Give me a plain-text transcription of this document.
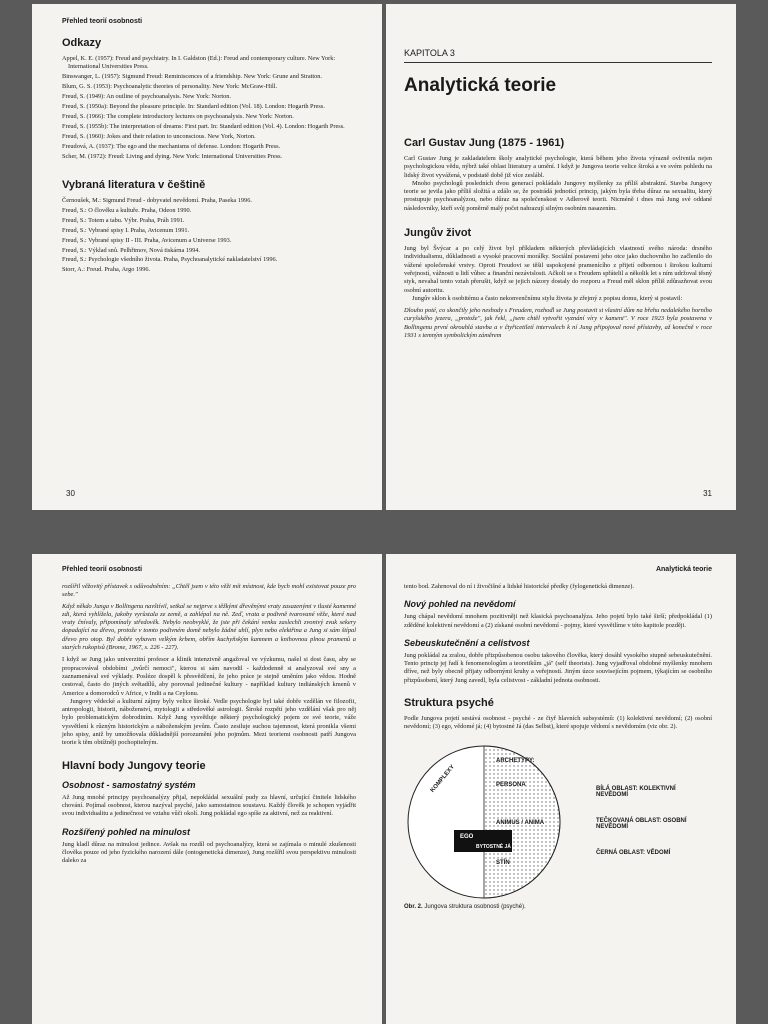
Přehled teorií osobnosti
Odkazy

Appel, K. E. (1957): Freud and psychiatry. In I. Galdston (Ed.): Freud and contemporary culture. New York: International Universities Press.

Binswanger, L. (1957): Sigmund Freud: Reminiscences of a friendship. New York: Grune and Stratton.

Blum, G. S. (1953): Psychoanalytic theories of personality. New York: McGraw-Hill.

Freud, S. (1949): An outline of psychoanalysis. New York: Norton.

Freud, S. (1950a): Beyond the pleasure principle. In: Standard edition (Vol. 18). London: Hogarth Press.

Freud, S. (1966): The complete introductory lectures on psychoanalysis. New York: Norton.

Freud, S. (1955b): The interpretation of dreams: First part. In: Standard edition (Vol. 4). London: Hogarth Press.

Freud, S. (1960): Jokes and their relation to unconscious. New York, Norton.

Freudová, A. (1937): The ego and the mechanisms of defense. London: Hogarth Press.

Scher, M. (1972): Freud: Living and dying. New York: International Universities Press.

Vybraná literatura v češtině

Černoušek, M.: Sigmund Freud - dobyvatel nevědomí. Praha, Paseka 1996.

Freud, S.: O člověku a kultuře. Praha, Odeon 1990.

Freud, S.: Totem a tabu. Výbr. Praha, Práh 1991.

Freud, S.: Vybrané spisy I. Praha, Avicenum 1991.

Freud, S.: Vybrané spisy II - III. Praha, Avicenum a Universe 1993.

Freud, S.: Výklad snů. Pelhřimov, Nová tiskárna 1994.

Freud, S.: Psychologie všedního života. Praha, Psychoanalytické nakladatelství 1996.

Storr, A.: Freud. Praha, Argo 1996.

30

KAPITOLA 3

Analytická teorie

Carl Gustav Jung (1875 - 1961)

Carl Gustav Jung je zakladatelem školy analytické psychologie, která během jeho života výrazně ovlivnila nejen psychologickou vědu, nýbrž také oblast literatury a umění. I když je Jungova teorie velice široká a ve svém pohledu na lidský život vyvážená, v podstatě době již více zeslábl.

Mnoho psychologů posledních dvou generací pokládalo Jungovy myšlenky za příliš abstraktní. Stavba Jungovy teorie se jevila jako příliš složitá a zdálo se, že postrádá jednotící princip, jakým byla třeba důraz na sexualitu, který prostupuje psychoanalýzou, nebo důraz na společenskost v Adlerově teorii. Nicméně i dnes má Jung své oddané následovníky, kteří svůj poměrně malý počet nahrazují silným osobním nasazením.

Jungův život

Jung byl Švýcar a po celý život byl příkladem některých převládajících vlastností svého národa: drsného individualismu, důkladnosti a vysoké pracovní morálky. Sociální postavení jeho otce jako duchovního ho začlenilo do vážené společenské vrstvy. Oproti Freudovi se těšil uspokojené pramenícího z přijetí odbornou i širokou kulturní veřejností, vážnosti u lidí vůbec a finanční nezávislosti. Ačkoli se s Freudem spřátelil a několik let s ním udržoval těsný styk, nevahal tento vztah přerušit, když se jejich názory dostaly do rozporu a Freud měl sklon příliš zdůrazňovat svou osobní autoritu.

Jungův sklon k osobitému a často nekonvenčnímu stylu života je zřejmý z popisu domu, který si postavil:

Dlouho poté, co skončily jeho neshody s Freudem, rozhodl se Jung postavit si vlastní dům na břehu nedalekého horního curyšského jezera, „protože", jak řekl, „jsem chtěl vytvořit vyznání víry v kameni". V roce 1923 byla postavena v Bollingenu první okrouhlá stavba a v čtyřicetiletí intervalech k ní Jung připojoval nové přístavby, až konečně v roce 1931 s temným symbolickým záměrem

31
Přehled teorií osobnosti

rozšířil věžovitý přístavek s odůvodněním: „Chtěl jsem v této věži mít místnost, kde bych mohl existovat pouze pro sebe."

Když někdo Junga v Bollingenu navštívil, setkal se nejprve s těžkými dřevěnými vraty zasazenými v tlusté kamenné zdi, která vyhlížela, jakoby vyrůstala ze země, a zahlépal na ně. Zeď, vrata a podivně tvarované věže, které nad vraty čnívaly, připomínaly středověk. Nebylo neobvyklé, že jste při čekání venku zaslechli zvonivý zvuk sekery dopadající na dřevo, protože v tomto podivném domě nebylo žádné uhlí, plyn nebo elektřina a Jung si sám štípal dřevo pro otop. Byl dobře vybaven velkým krbem, obřím kuchyňským kamnem a knihovnou plnou pramenů a starých rukopisů (Brome, 1967, s. 226 - 227).

I když se Jung jako univerzitní profesor a klinik intenzivně angažoval ve výzkumu, našel si dost času, aby se propracovával obdobími „tvůrčí nemoci", kterou si sám navodil - každodenně si analyzoval své sny a zaznamenával své výklady. Posléze dospěl k přesvědčení, že jeho práce je stejně uměním jako vědou. Hodně cestoval, často do jiných světadílů, aby porovnal jedinečné kultury - například kultury indiánských kmenů v Americe a domorodců v Africe, v Indii a na Ceylonu.

Jungovy vědecké a kulturní zájmy byly velice široké. Vedle psychologie byl také dobře vzdělán ve filozofii, antropologii, historii, náboženství, mytologii a středověké astrologii. Široké rozpětí jeho vzdělání však pro něj bylo problematickým dobrodiním. Když Jung vysvětluje některý psychologický pojem ze své teorie, váže vysvětlení k různým historickým a náboženským jevům. Často zesiluje suchou tajemnost, která pronikla všemi jeho spisy, aniž by umožňovala důkladnější porozumění jeho pojmům. Mezi teoriemi osobnosti patří Jungova teorie k těm obtížněji pochopitelným.

Hlavní body Jungovy teorie
Osobnost - samostatný systém

Až Jung mnohé principy psychoanalýzy přijal, nepokládal sexuální pudy za hlavní, určující činitele lidského chování. Pojímal osobnost, kterou nazýval psyché, jako samostatnou soustavu. Každý člověk je schopen vyjádřit svou individualitu a jedinečnost ve vztahu vůči okolí. Jung pokládal ego spíše za aktivní, než za reaktivní.

Rozšířený pohled na minulost

Jung kladl důraz na minulost jedince. Avšak na rozdíl od psychoanalýzy, která se zajímala o minulé zkušenosti člověka pouze od jeho fyzického narození dále (ontogenetická dimenze), Jung rozšířil svou perspektivu minulosti daleko za

Analytická teorie

tento bod. Zahrnoval do ní i živočišné a lidské historické předky (fylogenetická dimenze).

Nový pohled na nevědomí

Jung chápal nevědomí mnohem pozitivněji než klasická psychoanalýza. Jeho pojetí bylo také širší; předpokládal (1) zděděné kolektivní nevědomí a (2) získané osobní nevědomí - pojmy, které vysvětlíme v této kapitole později.

Sebeuskutečnění a celistvost

Jung pokládal za zralou, dobře přizpůsobenou osobu takového člověka, který dosáhl vysokého stupně sebeuskutečnění. Tento princip jej řadí k fenomenologům a teoretikům „já" (self theorists). Jung vyjadřoval obdobné myšlenky mnohem dříve, než byly obecně přijaty odbornými kruhy a veřejností. Jiným úzce souvisejícím pojmem, týkajícím se osobního přizpůsobení, který Jung zavedl, byla celistvost - základní jednota osobnosti.

Struktura psyché

Podle Jungova pojetí sestává osobnost - psyché - ze čtyř hlavních subsystémů: (1) kolektivní nevědomí; (2) osobní nevědomí; (3) ego, vědomé já; (4) bytostné Já (das Selbst), které spojuje vědomí s nevědomím (viz obr. 2).

KOMPLEXY
ARCHETYPY:
PERSONA
ANIMUS / ANIMA
EGO
BYTOSTNÉ JÁ
STÍN
BÍLÁ OBLAST: KOLEKTIVNÍ NEVĚDOMÍ
TEČKOVANÁ OBLAST: OSOBNÍ NEVĚDOMÍ
ČERNÁ OBLAST: VĚDOMÍ
Obr. 2. Jungova struktura osobnosti (psyché).
